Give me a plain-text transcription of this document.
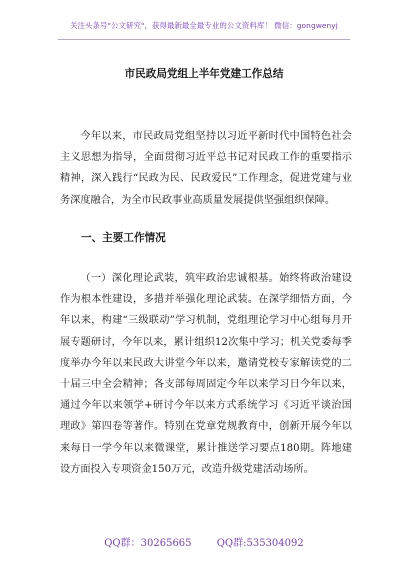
关注头条号"公文研究"，获得最新最全最专业的公文资料库！ 微信：gongwenyj
市民政局党组上半年党建工作总结

今年以来，市民政局党组坚持以习近平新时代中国特色社会主义思想为指导，全面贯彻习近平总书记对民政工作的重要指示精神，深入践行“民政为民、民政爱民”工作理念，促进党建与业务深度融合，为全市民政事业高质量发展提供坚强组织保障。

一、主要工作情况

（一）深化理论武装，筑牢政治忠诚根基。始终将政治建设作为根本性建设，多措并举强化理论武装。在深学细悟方面，今年以来，构建“三级联动”学习机制，党组理论学习中心组每月开展专题研讨，今年以来，累计组织12次集中学习；机关党委每季度举办今年以来民政大讲堂今年以来，邀请党校专家解读党的二十届三中全会精神；各支部每周固定今年以来学习日今年以来，通过今年以来领学+研讨今年以来方式系统学习《习近平谈治国理政》第四卷等著作。特别在党章党规教育中，创新开展今年以来每日一学今年以来微课堂，累计推送学习要点180期。阵地建设方面投入专项资金150万元，改造升级党建活动场所。

QQ群：30265665	QQ群:535304092
